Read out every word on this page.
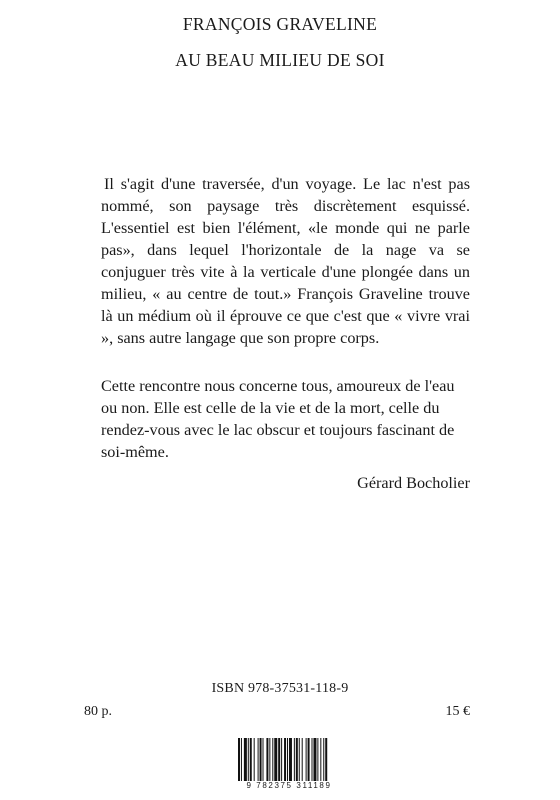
FRANÇOIS GRAVELINE
AU BEAU MILIEU DE SOI

Il s'agit d'une traversée, d'un voyage. Le lac n'est pas nommé, son paysage très discrètement esquissé. L'essentiel est bien l'élément, «le monde qui ne parle pas», dans lequel l'horizontale de la nage va se conjuguer très vite à la verticale d'une plongée dans un milieu, « au centre de tout.» François Graveline trouve là un médium où il éprouve ce que c'est que « vivre vrai », sans autre langage que son propre corps.

Cette rencontre nous concerne tous, amoureux de l'eau ou non. Elle est celle de la vie et de la mort, celle du rendez-vous avec le lac obscur et toujours fascinant de soi-même.

Gérard Bocholier
ISBN 978-37531-118-9
80 p.	15 €
9 782375 311189
